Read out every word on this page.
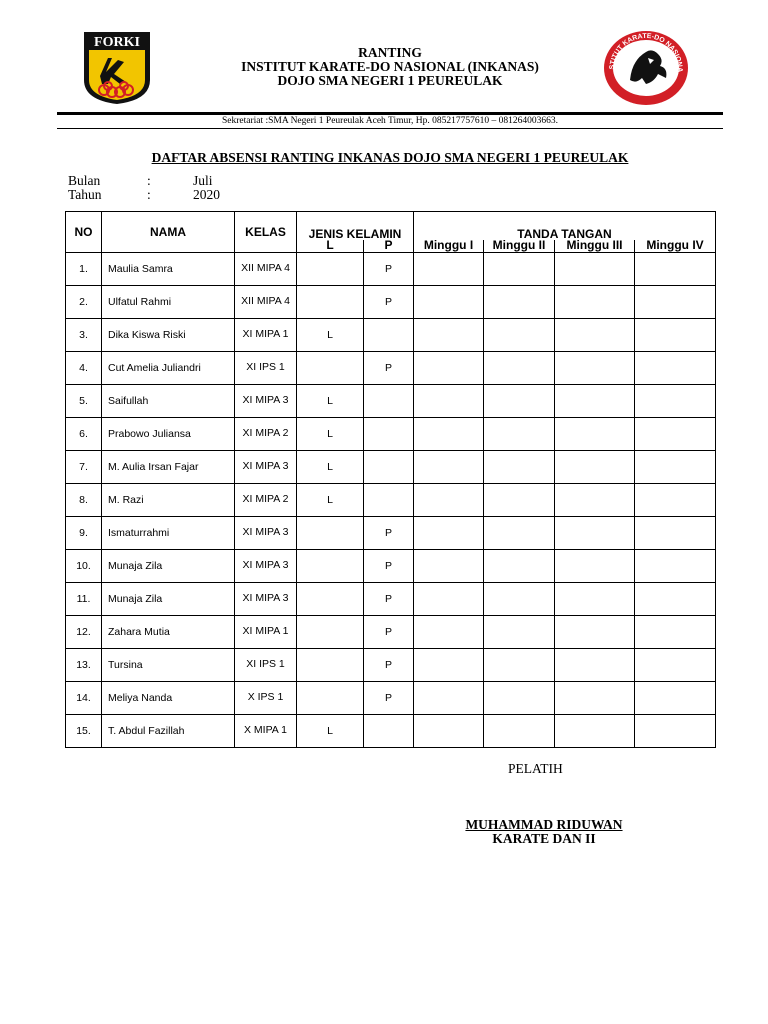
FORKI
STITUT KARATE-DO NASIONA
INKANAS
RANTING
INSTITUT KARATE-DO NASIONAL (INKANAS)
DOJO SMA NEGERI 1 PEUREULAK
Sekretariat :SMA Negeri 1 Peureulak Aceh Timur, Hp. 085217757610 – 081264003663.
DAFTAR ABSENSI RANTING INKANAS DOJO SMA NEGERI 1 PEUREULAK
Bulan	:	Juli
Tahun	:	2020
NO	NAMA	KELAS	JENIS KELAMIN		TANDA TANGAN			
			L	P	Minggu I	Minggu II	Minggu III	Minggu IV
1.	Maulia Samra	XII MIPA 4		P				
2.	Ulfatul Rahmi	XII MIPA 4		P				
3.	Dika Kiswa Riski	XI MIPA 1	L					
4.	Cut Amelia Juliandri	XI IPS 1		P				
5.	Saifullah	XI MIPA 3	L					
6.	Prabowo Juliansa	XI MIPA 2	L					
7.	M. Aulia Irsan Fajar	XI MIPA 3	L					
8.	M. Razi	XI MIPA 2	L					
9.	Ismaturrahmi	XI MIPA 3		P				
10.	Munaja Zila	XI MIPA 3		P				
11.	Munaja Zila	XI MIPA 3		P				
12.	Zahara Mutia	XI MIPA 1		P				
13.	Tursina	XI IPS 1		P				
14.	Meliya Nanda	X IPS 1		P				
15.	T. Abdul Fazillah	X MIPA 1	L					
PELATIH
MUHAMMAD RIDUWAN
KARATE DAN II
